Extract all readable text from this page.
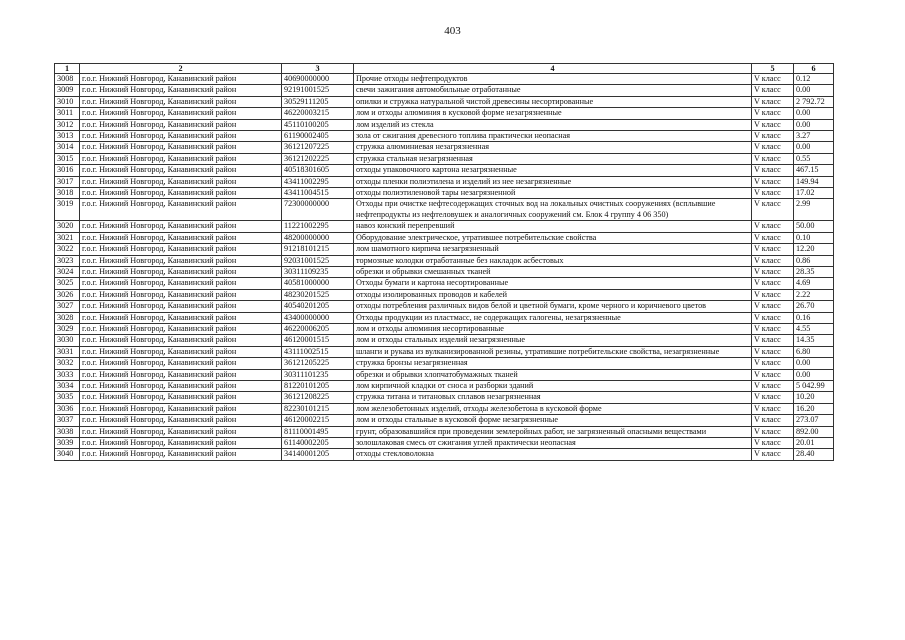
403
1	2	3	4	5	6
3008	г.о.г. Нижний Новгород, Канавинский район	40690000000	Прочие отходы нефтепродуктов	V класс	0.12
3009	г.о.г. Нижний Новгород, Канавинский район	92191001525	свечи зажигания автомобильные отработанные	V класс	0.00
3010	г.о.г. Нижний Новгород, Канавинский район	30529111205	опилки и стружка натуральной чистой древесины несортированные	V класс	2 792.72
3011	г.о.г. Нижний Новгород, Канавинский район	46220003215	лом и отходы алюминия в кусковой форме незагрязненные	V класс	0.00
3012	г.о.г. Нижний Новгород, Канавинский район	45110100205	лом изделий из стекла	V класс	0.00
3013	г.о.г. Нижний Новгород, Канавинский район	61190002405	зола от сжигания древесного топлива практически неопасная	V класс	3.27
3014	г.о.г. Нижний Новгород, Канавинский район	36121207225	стружка алюминиевая незагрязненная	V класс	0.00
3015	г.о.г. Нижний Новгород, Канавинский район	36121202225	стружка стальная незагрязненная	V класс	0.55
3016	г.о.г. Нижний Новгород, Канавинский район	40518301605	отходы упаковочного картона незагрязненные	V класс	467.15
3017	г.о.г. Нижний Новгород, Канавинский район	43411002295	отходы пленки полиэтилена и изделий из нее незагрязненные	V класс	149.94
3018	г.о.г. Нижний Новгород, Канавинский район	43411004515	отходы полиэтиленовой тары незагрязненной	V класс	17.02
3019	г.о.г. Нижний Новгород, Канавинский район	72300000000	Отходы при очистке нефтесодержащих сточных вод на локальных очистных сооружениях (всплывшие нефтепродукты из нефтеловушек и аналогичных сооружений см. Блок 4 группу 4 06 350)	V класс	2.99
3020	г.о.г. Нижний Новгород, Канавинский район	11221002295	навоз конский перепревший	V класс	50.00
3021	г.о.г. Нижний Новгород, Канавинский район	48200000000	Оборудование электрическое, утратившее потребительские свойства	V класс	0.10
3022	г.о.г. Нижний Новгород, Канавинский район	91218101215	лом шамотного кирпича незагрязненный	V класс	12.20
3023	г.о.г. Нижний Новгород, Канавинский район	92031001525	тормозные колодки отработанные без накладок асбестовых	V класс	0.86
3024	г.о.г. Нижний Новгород, Канавинский район	30311109235	обрезки и обрывки смешанных тканей	V класс	28.35
3025	г.о.г. Нижний Новгород, Канавинский район	40581000000	Отходы бумаги и картона несортированные	V класс	4.69
3026	г.о.г. Нижний Новгород, Канавинский район	48230201525	отходы изолированных проводов и кабелей	V класс	2.22
3027	г.о.г. Нижний Новгород, Канавинский район	40540201205	отходы потребления различных видов белой и цветной бумаги, кроме черного и коричневого цветов	V класс	26.70
3028	г.о.г. Нижний Новгород, Канавинский район	43400000000	Отходы продукции из пластмасс, не содержащих галогены, незагрязненные	V класс	0.16
3029	г.о.г. Нижний Новгород, Канавинский район	46220006205	лом и отходы алюминия несортированные	V класс	4.55
3030	г.о.г. Нижний Новгород, Канавинский район	46120001515	лом и отходы стальных изделий незагрязненные	V класс	14.35
3031	г.о.г. Нижний Новгород, Канавинский район	43111002515	шланги и рукава из вулканизированной резины, утратившие потребительские свойства, незагрязненные	V класс	6.80
3032	г.о.г. Нижний Новгород, Канавинский район	36121205225	стружка бронзы незагрязненная	V класс	0.00
3033	г.о.г. Нижний Новгород, Канавинский район	30311101235	обрезки и обрывки хлопчатобумажных тканей	V класс	0.00
3034	г.о.г. Нижний Новгород, Канавинский район	81220101205	лом кирпичной кладки от сноса и разборки зданий	V класс	5 042.99
3035	г.о.г. Нижний Новгород, Канавинский район	36121208225	стружка титана и титановых сплавов незагрязненная	V класс	10.20
3036	г.о.г. Нижний Новгород, Канавинский район	82230101215	лом железобетонных изделий, отходы железобетона в кусковой форме	V класс	16.20
3037	г.о.г. Нижний Новгород, Канавинский район	46120002215	лом и отходы стальные в кусковой форме незагрязненные	V класс	273.07
3038	г.о.г. Нижний Новгород, Канавинский район	81110001495	грунт, образовавшийся при проведении землеройных работ, не загрязненный опасными веществами	V класс	892.00
3039	г.о.г. Нижний Новгород, Канавинский район	61140002205	золошлаковая смесь от сжигания углей практически неопасная	V класс	20.01
3040	г.о.г. Нижний Новгород, Канавинский район	34140001205	отходы стекловолокна	V класс	28.40
